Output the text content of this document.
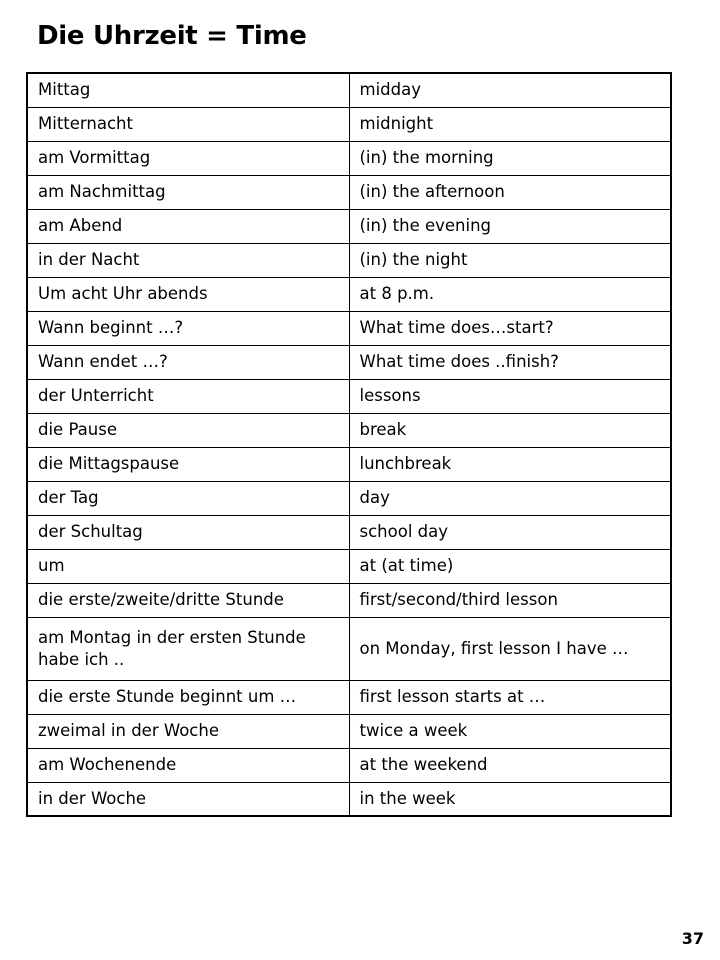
Die Uhrzeit = Time
Mittag	midday
Mitternacht	midnight
am Vormittag	(in) the morning
am Nachmittag	(in) the afternoon
am Abend	(in) the evening
in der Nacht	(in) the night
Um acht Uhr abends	at 8 p.m.
Wann beginnt …?	What time does…start?
Wann endet …?	What time does ..finish?
der Unterricht	lessons
die Pause	break
die Mittagspause	lunchbreak
der Tag	day
der Schultag	school day
um	at (at time)
die erste/zweite/dritte Stunde	first/second/third lesson
am Montag in der ersten Stunde habe ich ..	on Monday, first lesson I have …
die erste Stunde beginnt um …	first lesson starts at …
zweimal in der Woche	twice a week
am Wochenende	at the weekend
in der Woche	in the week
37
